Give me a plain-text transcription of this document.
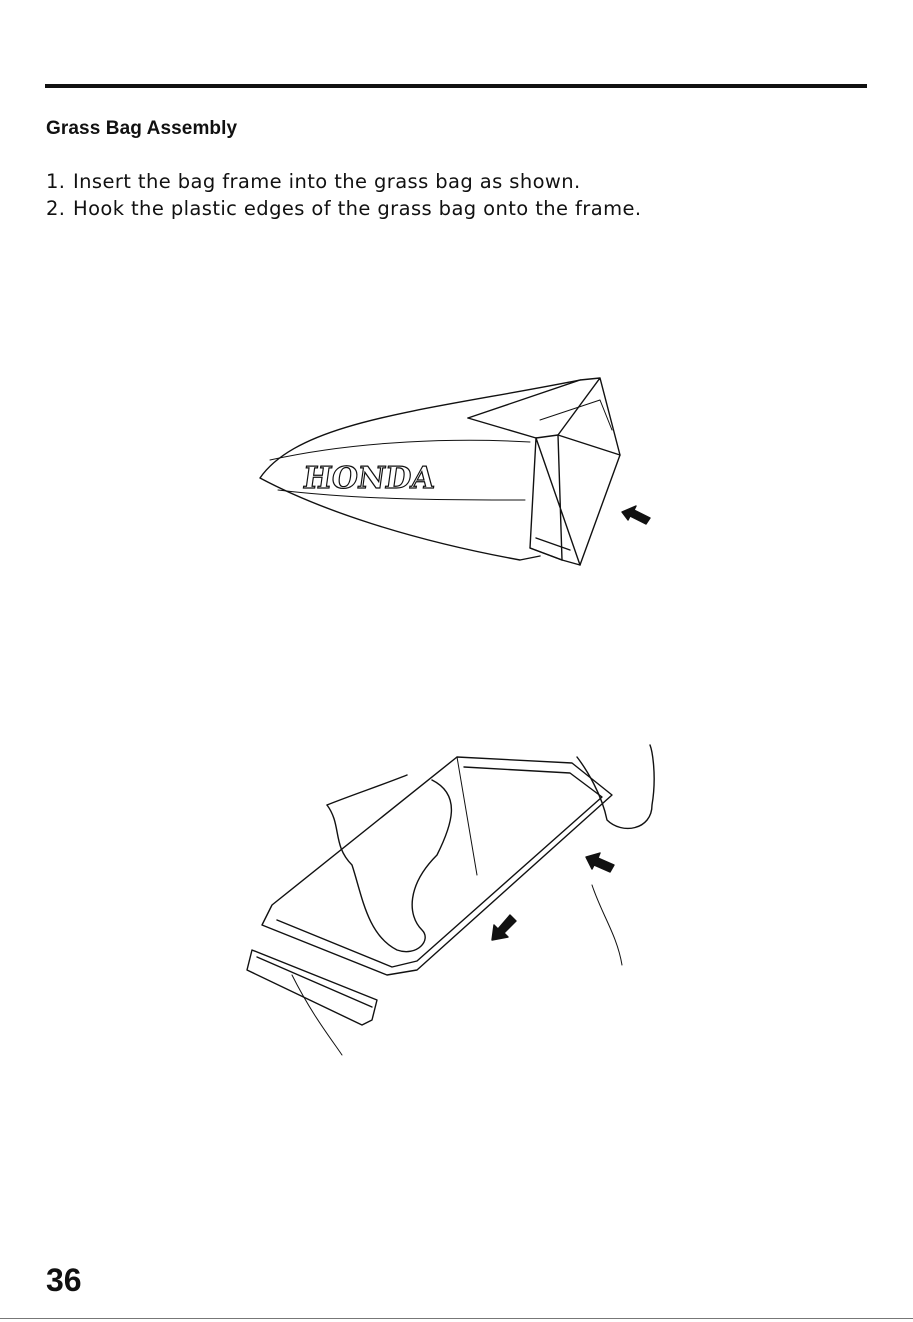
Grass Bag Assembly
1. Insert the bag frame into the grass bag as shown.
2. Hook the plastic edges of the grass bag onto the frame.
HONDA
36
